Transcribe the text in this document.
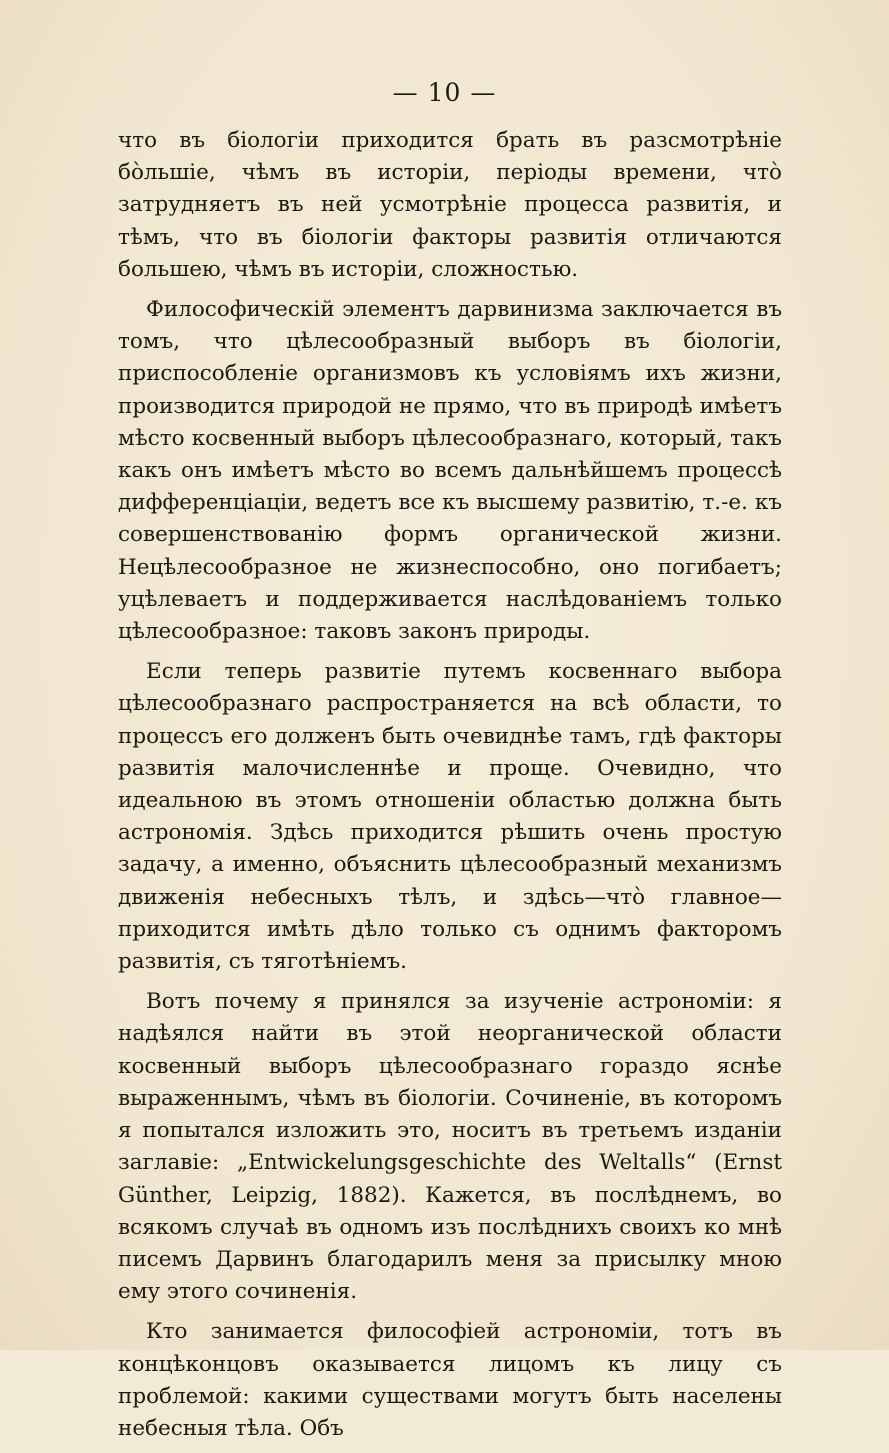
— 10 —

что въ біологіи приходится брать въ разсмотрѣніе бо̀льшіе, чѣмъ въ исторіи, періоды времени, что̀ затрудняетъ въ ней усмотрѣніе процесса развитія, и тѣмъ, что въ біологіи факторы развитія отличаются большею, чѣмъ въ исторіи, сложностью.

Философическій элементъ дарвинизма заключается въ томъ, что цѣлесообразный выборъ въ біологіи, приспособленіе организмовъ къ условіямъ ихъ жизни, производится природой не прямо, что въ природѣ имѣетъ мѣсто косвенный выборъ цѣлесообразнаго, который, такъ какъ онъ имѣетъ мѣсто во всемъ дальнѣйшемъ процессѣ дифференціаціи, ведетъ все къ высшему развитію, т.-е. къ совершенствованію формъ органической жизни. Нецѣлесообразное не жизнеспособно, оно погибаетъ; уцѣлеваетъ и поддерживается наслѣдованіемъ только цѣлесообразное: таковъ законъ природы.

Если теперь развитіе путемъ косвеннаго выбора цѣлесообразнаго распространяется на всѣ области, то процессъ его долженъ быть очевиднѣе тамъ, гдѣ факторы развитія малочисленнѣе и проще. Очевидно, что идеальною въ этомъ отношеніи областью должна быть астрономія. Здѣсь приходится рѣшить очень простую задачу, а именно, объяснить цѣлесообразный механизмъ движенія небесныхъ тѣлъ, и здѣсь—что̀ главное—приходится имѣть дѣло только съ однимъ факторомъ развитія, съ тяготѣніемъ.

Вотъ почему я принялся за изученіе астрономіи: я надѣялся найти въ этой неорганической области косвенный выборъ цѣлесообразнаго гораздо яснѣе выраженнымъ, чѣмъ въ біологіи. Сочиненіе, въ которомъ я попытался изложить это, носитъ въ третьемъ изданіи заглавіе: „Entwickelungsgeschichte des Weltalls“ (Ernst Günther, Leipzig, 1882). Кажется, въ послѣднемъ, во всякомъ случаѣ въ одномъ изъ послѣднихъ своихъ ко мнѣ писемъ Дарвинъ благодарилъ меня за присылку мною ему этого сочиненія.

Кто занимается философіей астрономіи, тотъ въ концѣконцовъ оказывается лицомъ къ лицу съ проблемой: какими существами могутъ быть населены небесныя тѣла. Объ
